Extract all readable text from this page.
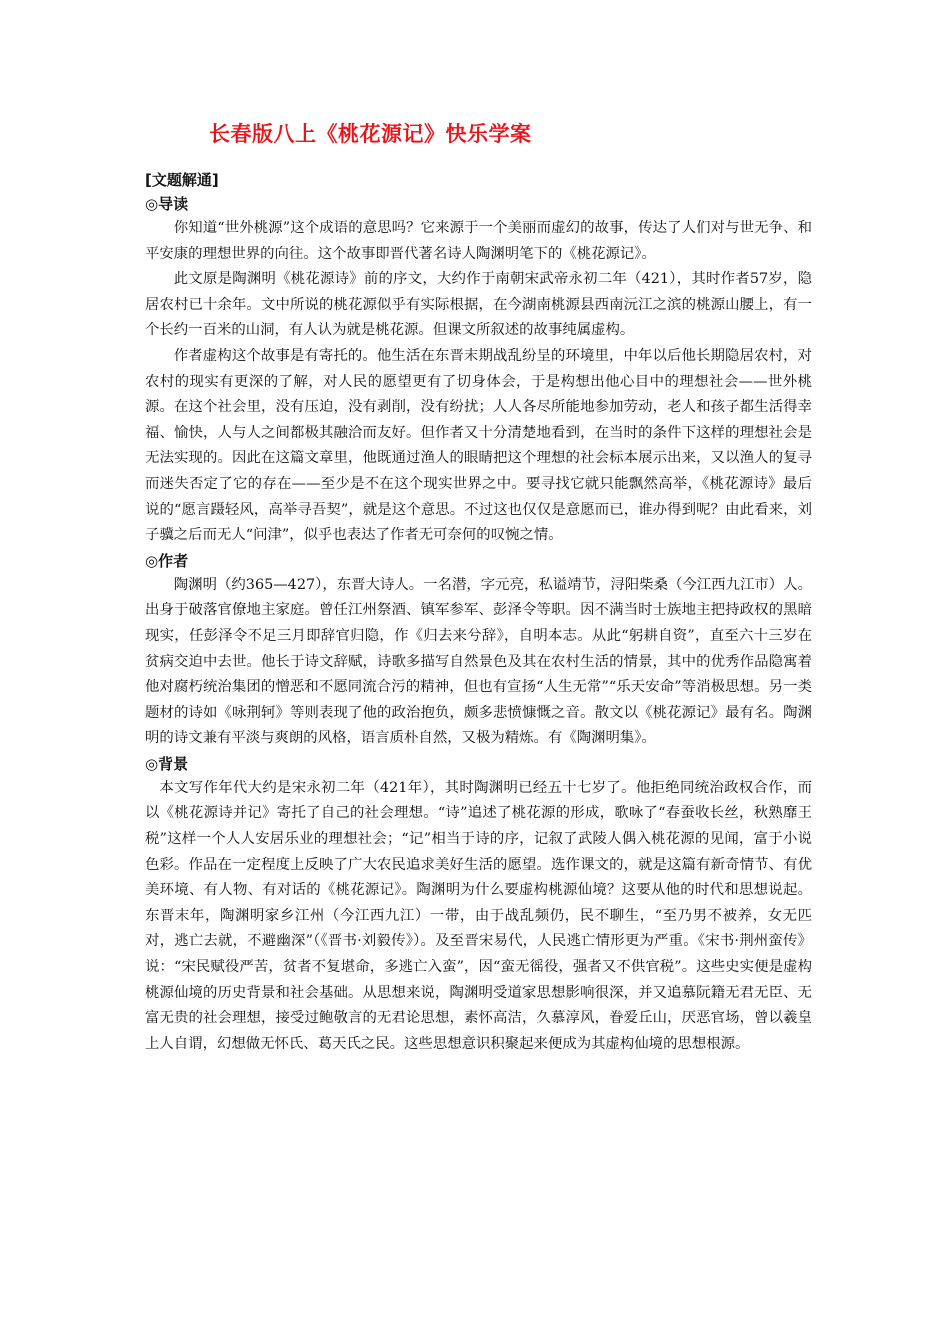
长春版八上《桃花源记》快乐学案
[文题解通]
◎导读

你知道“世外桃源”这个成语的意思吗？它来源于一个美丽而虚幻的故事，传达了人们对与世无争、和平安康的理想世界的向往。这个故事即晋代著名诗人陶渊明笔下的《桃花源记》。

此文原是陶渊明《桃花源诗》前的序文，大约作于南朝宋武帝永初二年（421），其时作者57岁，隐居农村已十余年。文中所说的桃花源似乎有实际根据，在今湖南桃源县西南沅江之滨的桃源山腰上，有一个长约一百米的山洞，有人认为就是桃花源。但课文所叙述的故事纯属虚构。

作者虚构这个故事是有寄托的。他生活在东晋末期战乱纷呈的环境里，中年以后他长期隐居农村，对农村的现实有更深的了解，对人民的愿望更有了切身体会，于是构想出他心目中的理想社会——世外桃源。在这个社会里，没有压迫，没有剥削，没有纷扰；人人各尽所能地参加劳动，老人和孩子都生活得幸福、愉快，人与人之间都极其融洽而友好。但作者又十分清楚地看到，在当时的条件下这样的理想社会是无法实现的。因此在这篇文章里，他既通过渔人的眼睛把这个理想的社会标本展示出来，又以渔人的复寻而迷失否定了它的存在——至少是不在这个现实世界之中。要寻找它就只能飘然高举，《桃花源诗》最后说的“愿言蹑轻风，高举寻吾契”，就是这个意思。不过这也仅仅是意愿而已，谁办得到呢？由此看来，刘子骥之后而无人“问津”，似乎也表达了作者无可奈何的叹惋之情。

◎作者

陶渊明（约365—427），东晋大诗人。一名潜，字元亮，私谥靖节，浔阳柴桑（今江西九江市）人。出身于破落官僚地主家庭。曾任江州祭酒、镇军参军、彭泽令等职。因不满当时士族地主把持政权的黑暗现实，任彭泽令不足三月即辞官归隐，作《归去来兮辞》，自明本志。从此“躬耕自资”，直至六十三岁在贫病交迫中去世。他长于诗文辞赋，诗歌多描写自然景色及其在农村生活的情景，其中的优秀作品隐寓着他对腐朽统治集团的憎恶和不愿同流合污的精神，但也有宣扬“人生无常”“乐天安命”等消极思想。另一类题材的诗如《咏荆轲》等则表现了他的政治抱负，颇多悲愤慷慨之音。散文以《桃花源记》最有名。陶渊明的诗文兼有平淡与爽朗的风格，语言质朴自然，又极为精炼。有《陶渊明集》。

◎背景

本文写作年代大约是宋永初二年（421年），其时陶渊明已经五十七岁了。他拒绝同统治政权合作，而以《桃花源诗并记》寄托了自己的社会理想。“诗”追述了桃花源的形成，歌咏了“春蚕收长丝，秋熟靡王税”这样一个人人安居乐业的理想社会；“记”相当于诗的序，记叙了武陵人偶入桃花源的见闻，富于小说色彩。作品在一定程度上反映了广大农民追求美好生活的愿望。选作课文的，就是这篇有新奇情节、有优美环境、有人物、有对话的《桃花源记》。陶渊明为什么要虚构桃源仙境？这要从他的时代和思想说起。东晋末年，陶渊明家乡江州（今江西九江）一带，由于战乱频仍，民不聊生，“至乃男不被养，女无匹对，逃亡去就，不避幽深”（《晋书·刘毅传》）。及至晋宋易代，人民逃亡情形更为严重。《宋书·荆州蛮传》说：“宋民赋役严苦，贫者不复堪命，多逃亡入蛮”，因“蛮无徭役，强者又不供官税”。这些史实便是虚构桃源仙境的历史背景和社会基础。从思想来说，陶渊明受道家思想影响很深，并又追慕阮籍无君无臣、无富无贵的社会理想，接受过鲍敬言的无君论思想，素怀高洁，久慕淳风，眷爱丘山，厌恶官场，曾以羲皇上人自谓，幻想做无怀氏、葛天氏之民。这些思想意识积聚起来便成为其虚构仙境的思想根源。
